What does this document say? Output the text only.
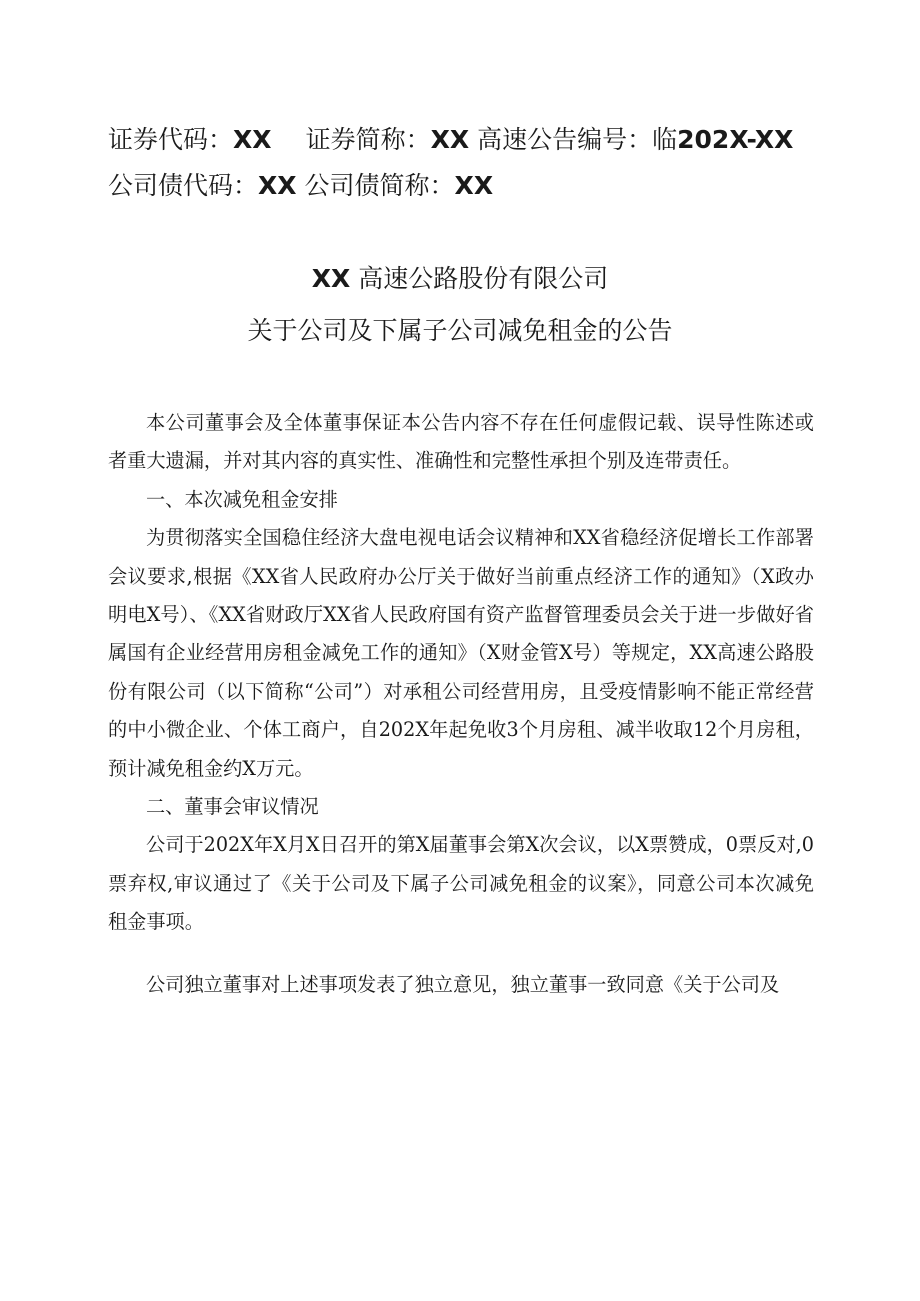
证券代码：XX 证券简称：XX 高速公告编号：临202X-XX
公司债代码：XX 公司债简称：XX
XX 高速公路股份有限公司
关于公司及下属子公司减免租金的公告

本公司董事会及全体董事保证本公告内容不存在任何虚假记载、误导性陈述或者重大遗漏，并对其内容的真实性、准确性和完整性承担个别及连带责任。

一、本次减免租金安排

为贯彻落实全国稳住经济大盘电视电话会议精神和XX省稳经济促增长工作部署会议要求,根据《XX省人民政府办公厅关于做好当前重点经济工作的通知》（X政办明电X号）、《XX省财政厅XX省人民政府国有资产监督管理委员会关于进一步做好省属国有企业经营用房租金减免工作的通知》（X财金管X号）等规定，XX高速公路股份有限公司（以下简称“公司”）对承租公司经营用房，且受疫情影响不能正常经营的中小微企业、个体工商户，自202X年起免收3个月房租、减半收取12个月房租，预计减免租金约X万元。

二、董事会审议情况

公司于202X年X月X日召开的第X届董事会第X次会议，以X票赞成，0票反对,0票弃权,审议通过了《关于公司及下属子公司减免租金的议案》，同意公司本次减免租金事项。

公司独立董事对上述事项发表了独立意见，独立董事一致同意《关于公司及
